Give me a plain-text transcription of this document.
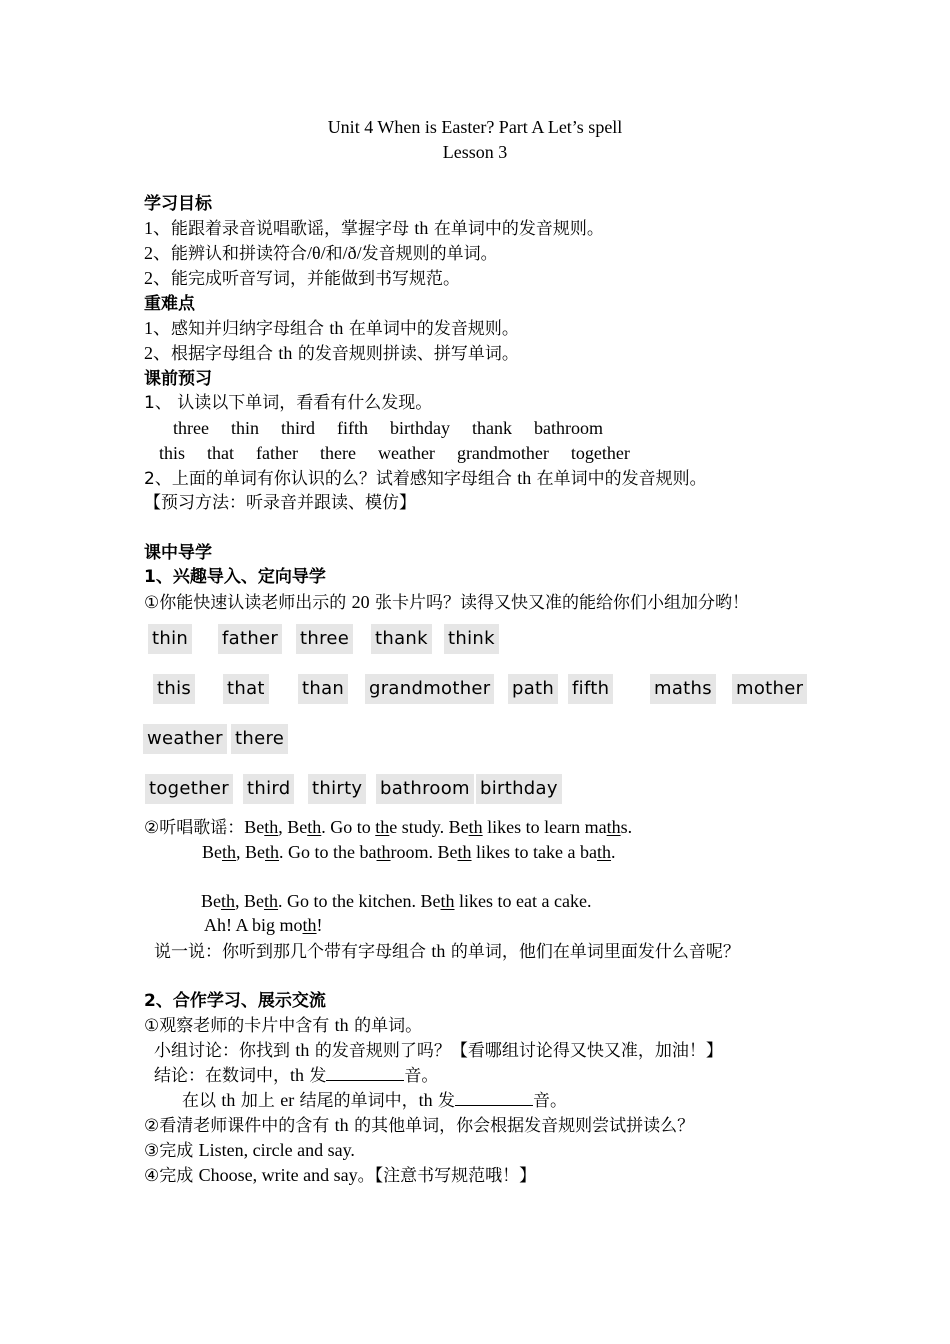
Unit 4 When is Easter? Part A Let’s spell
Lesson 3
学习目标
1、能跟着录音说唱歌谣，掌握字母 th 在单词中的发音规则。
2、能辨认和拼读符合/θ/和/ð/发音规则的单词。
2、能完成听音写词，并能做到书写规范。
重难点
1、感知并归纳字母组合 th 在单词中的发音规则。
2、根据字母组合 th 的发音规则拼读、拼写单词。
课前预习
1、 认读以下单词，看看有什么发现。
three thin third fifth birthday thank bathroom
this that father there weather grandmother together
2、上面的单词有你认识的么？试着感知字母组合 th 在单词中的发音规则。
【预习方法：听录音并跟读、模仿】
课中导学
1、兴趣导入、定向导学
①你能快速认读老师出示的 20 张卡片吗？读得又快又准的能给你们小组加分哟！
thin father three thank think
this that than grandmother path fifth maths mother
weather there
together third thirty bathroom birthday
②听唱歌谣：Beth, Beth. Go to the study. Beth likes to learn maths.
Beth, Beth. Go to the bathroom. Beth likes to take a bath.
Beth, Beth. Go to the kitchen. Beth likes to eat a cake.
Ah! A big moth!
说一说：你听到那几个带有字母组合 th 的单词，他们在单词里面发什么音呢？
2、合作学习、展示交流
①观察老师的卡片中含有 th 的单词。
小组讨论：你找到 th 的发音规则了吗？【看哪组讨论得又快又准，加油！】
结论：在数词中，th 发	音。
在以 th 加上 er 结尾的单词中，th 发	音。
②看清老师课件中的含有 th 的其他单词，你会根据发音规则尝试拼读么？
③完成 Listen, circle and say.
④完成 Choose, write and say。【注意书写规范哦！】
